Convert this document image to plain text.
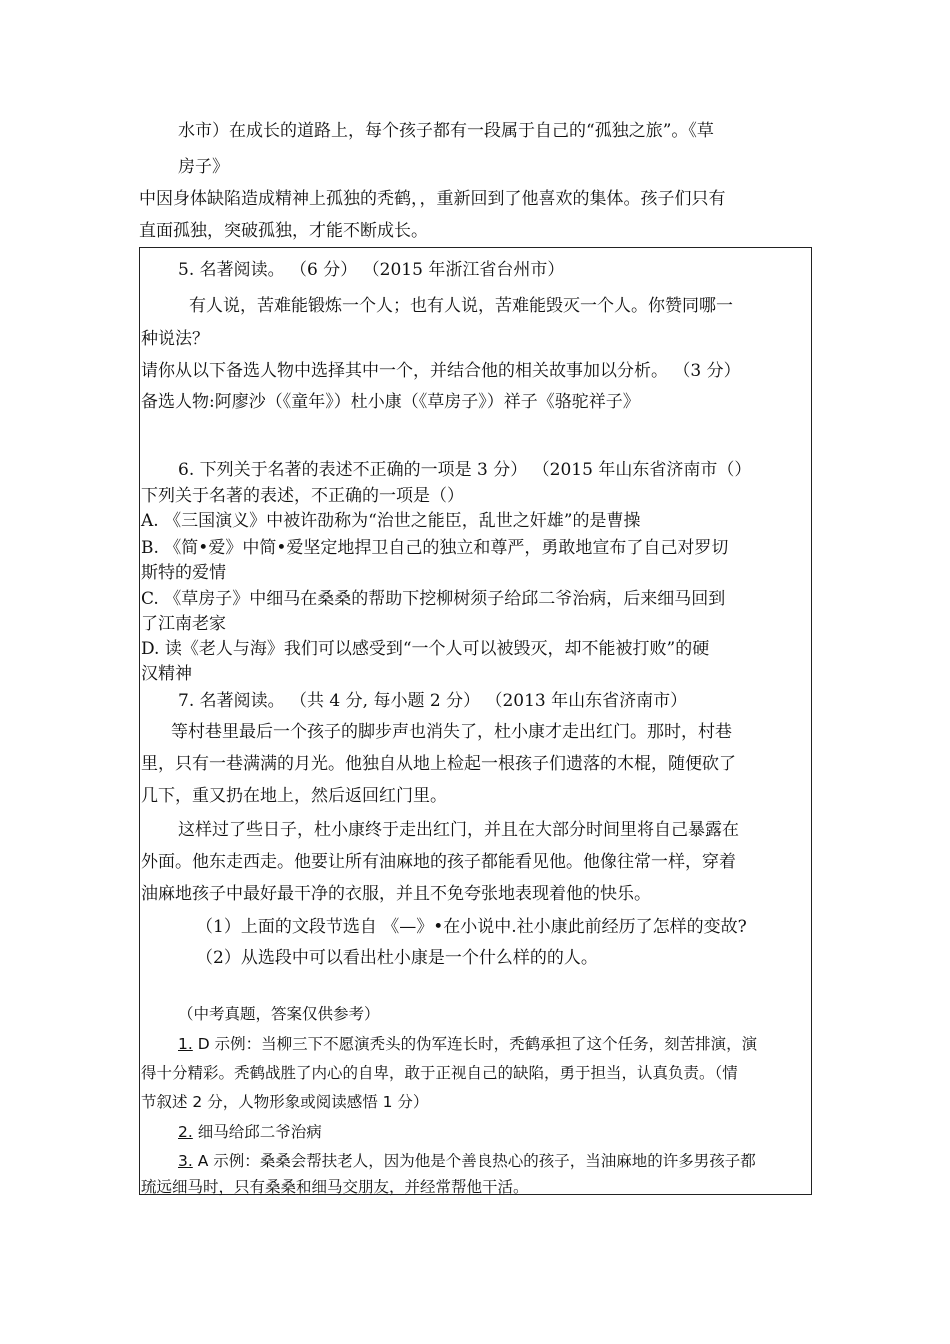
水市）在成长的道路上，每个孩子都有一段属于自己的“孤独之旅”。《草
房子》
中因身体缺陷造成精神上孤独的秃鹤，，重新回到了他喜欢的集体。孩子们只有
直面孤独，突破孤独，才能不断成长。
5. 名著阅读。 （6 分） （2015 年浙江省台州市）
有人说，苦难能锻炼一个人；也有人说，苦难能毁灭一个人。你赞同哪一
种说法？
请你从以下备选人物中选择其中一个，并结合他的相关故事加以分析。 （3 分）
备选人物:阿廖沙（《童年》）杜小康（《草房子》）祥子《骆驼祥子》
6. 下列关于名著的表述不正确的一项是 3 分） （2015 年山东省济南市（）
下列关于名著的表述，不正确的一项是（）
A. 《三国演义》中被许劭称为“治世之能臣，乱世之奸雄”的是曹操
B. 《简•爱》中简•爱坚定地捍卫自己的独立和尊严，勇敢地宣布了自己对罗切
斯特的爱情
C. 《草房子》中细马在桑桑的帮助下挖柳树须子给邱二爷治病，后来细马回到
了江南老家
D. 读《老人与海》我们可以感受到“一个人可以被毁灭，却不能被打败”的硬
汉精神
7. 名著阅读。 （共 4 分, 每小题 2 分） （2013 年山东省济南市）
等村巷里最后一个孩子的脚步声也消失了，杜小康才走出红门。那时，村巷
里，只有一巷满满的月光。他独自从地上检起一根孩子们遗落的木棍，随便砍了
几下，重又扔在地上，然后返回红门里。
这样过了些日子，杜小康终于走出红门，并且在大部分时间里将自己暴露在
外面。他东走西走。他要让所有油麻地的孩子都能看见他。他像往常一样，穿着
油麻地孩子中最好最干净的衣服，并且不免夸张地表现着他的快乐。
（1）上面的文段节选自 《—》•在小说中.社小康此前经历了怎样的变故?
（2）从选段中可以看出杜小康是一个什么样的的人。
（中考真题，答案仅供参考）
1. D 示例：当柳三下不愿演秃头的伪军连长时，秃鹤承担了这个任务，刻苦排演，演
得十分精彩。秃鹤战胜了内心的自卑，敢于正视自己的缺陷，勇于担当，认真负责。（情
节叙述 2 分，人物形象或阅读感悟 1 分）
2. 细马给邱二爷治病
3. A 示例：桑桑会帮扶老人，因为他是个善良热心的孩子，当油麻地的许多男孩子都
琉远细马时，只有桑桑和细马交朋友，并经常帮他干活。
